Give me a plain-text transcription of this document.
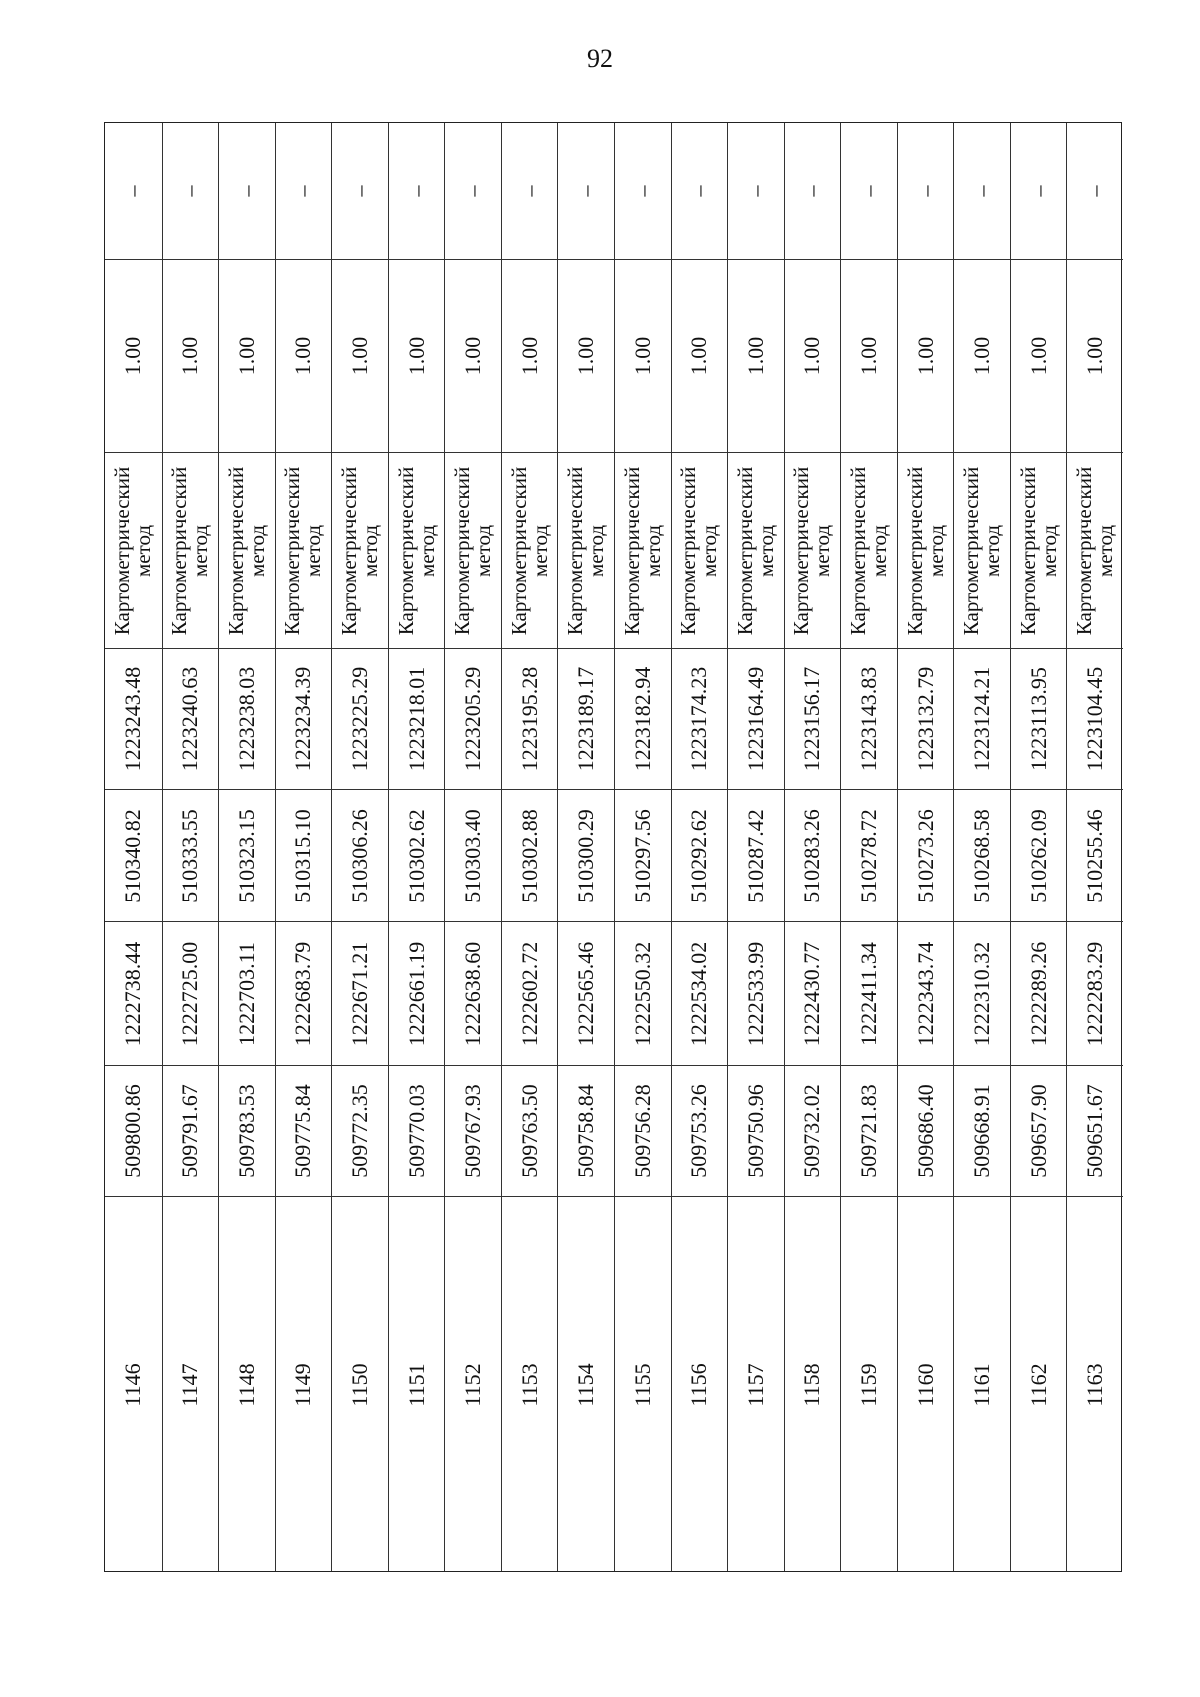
92
–
1.00
Картометрический
метод
1223243.48
510340.82
1222738.44
509800.86
1146
–
1.00
Картометрический
метод
1223240.63
510333.55
1222725.00
509791.67
1147
–
1.00
Картометрический
метод
1223238.03
510323.15
1222703.11
509783.53
1148
–
1.00
Картометрический
метод
1223234.39
510315.10
1222683.79
509775.84
1149
–
1.00
Картометрический
метод
1223225.29
510306.26
1222671.21
509772.35
1150
–
1.00
Картометрический
метод
1223218.01
510302.62
1222661.19
509770.03
1151
–
1.00
Картометрический
метод
1223205.29
510303.40
1222638.60
509767.93
1152
–
1.00
Картометрический
метод
1223195.28
510302.88
1222602.72
509763.50
1153
–
1.00
Картометрический
метод
1223189.17
510300.29
1222565.46
509758.84
1154
–
1.00
Картометрический
метод
1223182.94
510297.56
1222550.32
509756.28
1155
–
1.00
Картометрический
метод
1223174.23
510292.62
1222534.02
509753.26
1156
–
1.00
Картометрический
метод
1223164.49
510287.42
1222533.99
509750.96
1157
–
1.00
Картометрический
метод
1223156.17
510283.26
1222430.77
509732.02
1158
–
1.00
Картометрический
метод
1223143.83
510278.72
1222411.34
509721.83
1159
–
1.00
Картометрический
метод
1223132.79
510273.26
1222343.74
509686.40
1160
–
1.00
Картометрический
метод
1223124.21
510268.58
1222310.32
509668.91
1161
–
1.00
Картометрический
метод
1223113.95
510262.09
1222289.26
509657.90
1162
–
1.00
Картометрический
метод
1223104.45
510255.46
1222283.29
509651.67
1163
